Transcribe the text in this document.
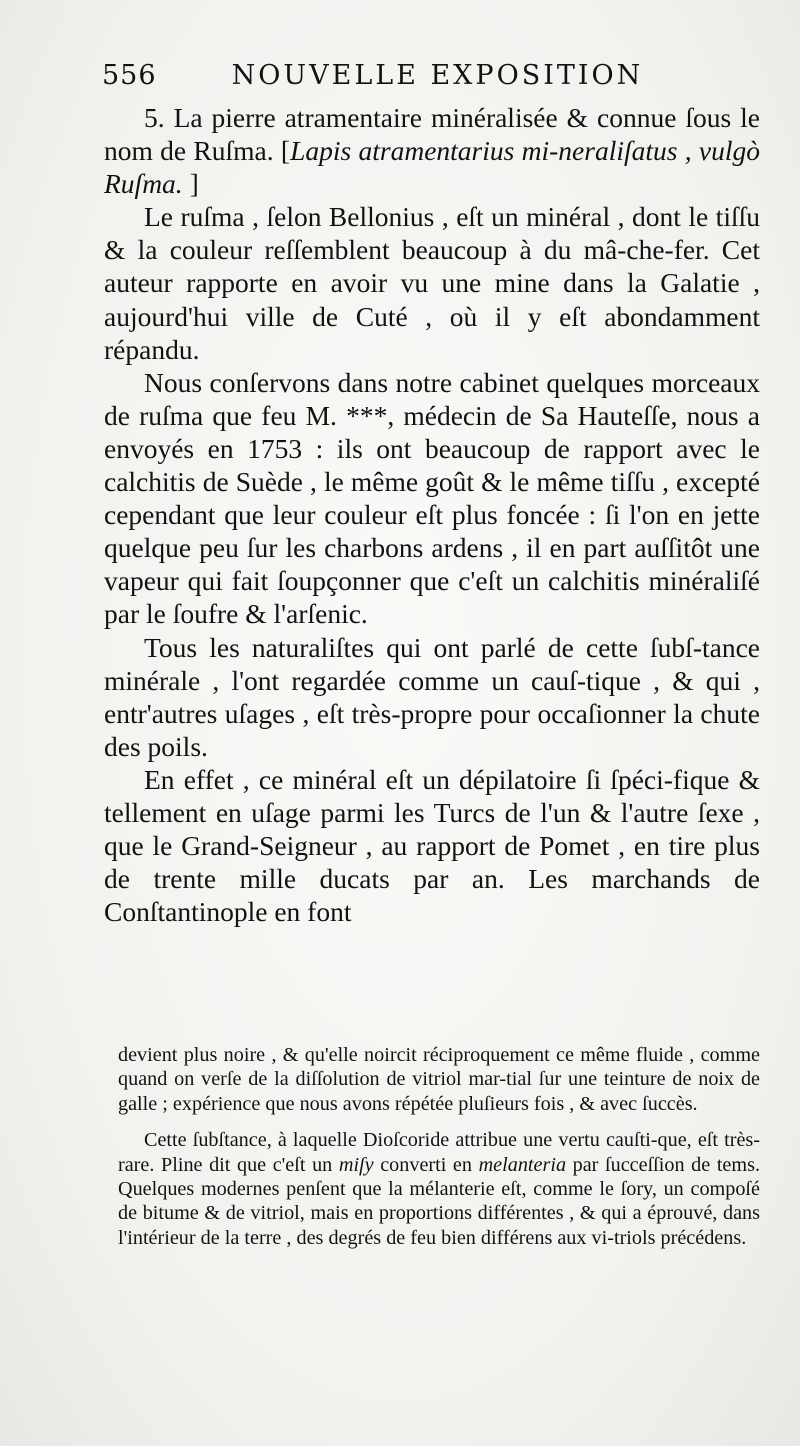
556	NOUVELLE EXPOSITION

5. La pierre atramentaire minéralisée & connue ſous le nom de Ruſma. [Lapis atramentarius mi-neraliſatus , vulgò Ruſma. ]

Le ruſma , ſelon Bellonius , eſt un minéral , dont le tiſſu & la couleur reſſemblent beaucoup à du mâ-che-fer. Cet auteur rapporte en avoir vu une mine dans la Galatie , aujourd'hui ville de Cuté , où il y eſt abondamment répandu.

Nous conſervons dans notre cabinet quelques morceaux de ruſma que feu M. ***, médecin de Sa Hauteſſe, nous a envoyés en 1753 : ils ont beaucoup de rapport avec le calchitis de Suède , le même goût & le même tiſſu , excepté cependant que leur couleur eſt plus foncée : ſi l'on en jette quelque peu ſur les charbons ardens , il en part auſſitôt une vapeur qui fait ſoupçonner que c'eſt un calchitis minéraliſé par le ſoufre & l'arſenic.

Tous les naturaliſtes qui ont parlé de cette ſubſ-tance minérale , l'ont regardée comme un cauſ-tique , & qui , entr'autres uſages , eſt très-propre pour occaſionner la chute des poils.

En effet , ce minéral eſt un dépilatoire ſi ſpéci-fique & tellement en uſage parmi les Turcs de l'un & l'autre ſexe , que le Grand-Seigneur , au rapport de Pomet , en tire plus de trente mille ducats par an. Les marchands de Conſtantinople en font

devient plus noire , & qu'elle noircit réciproquement ce même fluide , comme quand on verſe de la diſſolution de vitriol mar-tial ſur une teinture de noix de galle ; expérience que nous avons répétée pluſieurs fois , & avec ſuccès.

Cette ſubſtance, à laquelle Dioſcoride attribue une vertu cauſti-que, eſt très-rare. Pline dit que c'eſt un miſy converti en melanteria par ſucceſſion de tems. Quelques modernes penſent que la mélanterie eſt, comme le ſory, un compoſé de bitume & de vitriol, mais en proportions différentes , & qui a éprouvé, dans l'intérieur de la terre , des degrés de feu bien différens aux vi-triols précédens.
